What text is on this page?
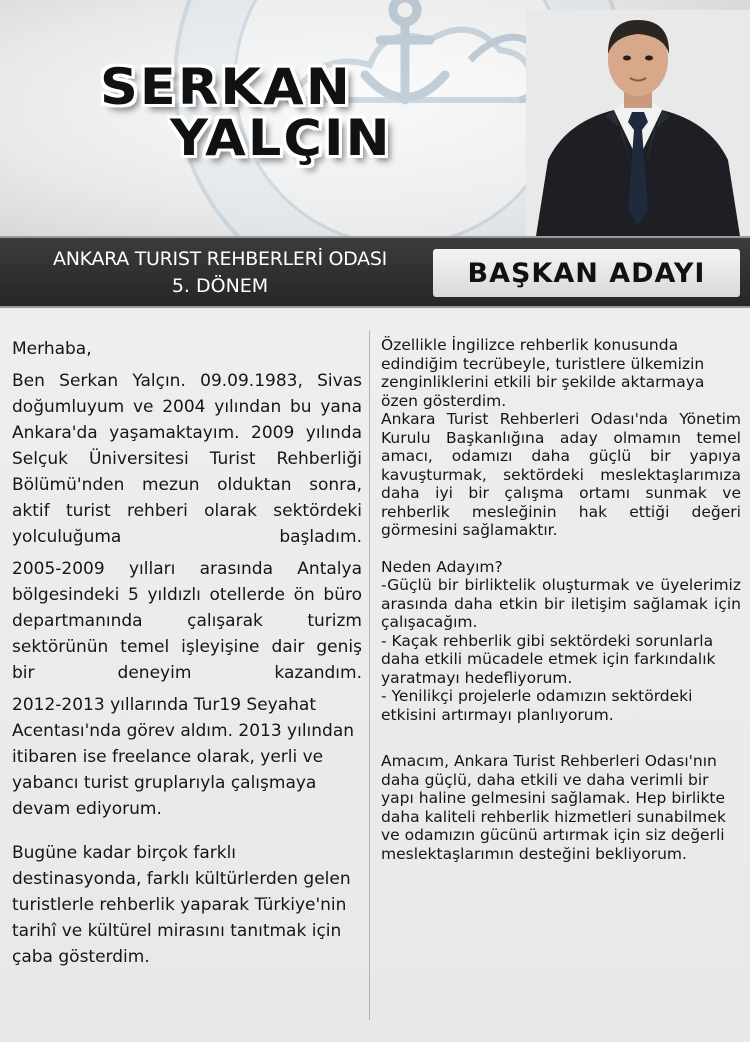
SERKAN
YALÇIN
ANKARA TURIST REHBERLERİ ODASI
5. DÖNEM	BAŞKAN ADAYI
Merhaba,
Ben Serkan Yalçın. 09.09.1983, Sivas doğumluyum ve 2004 yılından bu yana Ankara'da yaşamaktayım. 2009 yılında Selçuk Üniversitesi Turist Rehberliği Bölümü'nden mezun olduktan sonra, aktif turist rehberi olarak sektördeki yolculuğuma başladım.
2005-2009 yılları arasında Antalya bölgesindeki 5 yıldızlı otellerde ön büro departmanında çalışarak turizm sektörünün temel işleyişine dair geniş bir deneyim kazandım.
2012-2013 yıllarında Tur19 Seyahat Acentası'nda görev aldım. 2013 yılından itibaren ise freelance olarak, yerli ve yabancı turist gruplarıyla çalışmaya devam ediyorum.
Bugüne kadar birçok farklı destinasyonda, farklı kültürlerden gelen turistlerle rehberlik yaparak Türkiye'nin tarihî ve kültürel mirasını tanıtmak için çaba gösterdim.
Özellikle İngilizce rehberlik konusunda edindiğim tecrübeyle, turistlere ülkemizin zenginliklerini etkili bir şekilde aktarmaya özen gösterdim.
Ankara Turist Rehberleri Odası'nda Yönetim Kurulu Başkanlığına aday olmamın temel amacı, odamızı daha güçlü bir yapıya kavuşturmak, sektördeki meslektaşlarımıza daha iyi bir çalışma ortamı sunmak ve rehberlik mesleğinin hak ettiği değeri görmesini sağlamaktır.
Neden Adayım?
-Güçlü bir birliktelik oluşturmak ve üyelerimiz arasında daha etkin bir iletişim sağlamak için çalışacağım.
- Kaçak rehberlik gibi sektördeki sorunlarla daha etkili mücadele etmek için farkındalık yaratmayı hedefliyorum.
- Yenilikçi projelerle odamızın sektördeki etkisini artırmayı planlıyorum.
Amacım, Ankara Turist Rehberleri Odası'nın daha güçlü, daha etkili ve daha verimli bir yapı haline gelmesini sağlamak. Hep birlikte daha kaliteli rehberlik hizmetleri sunabilmek ve odamızın gücünü artırmak için siz değerli meslektaşlarımın desteğini bekliyorum.
